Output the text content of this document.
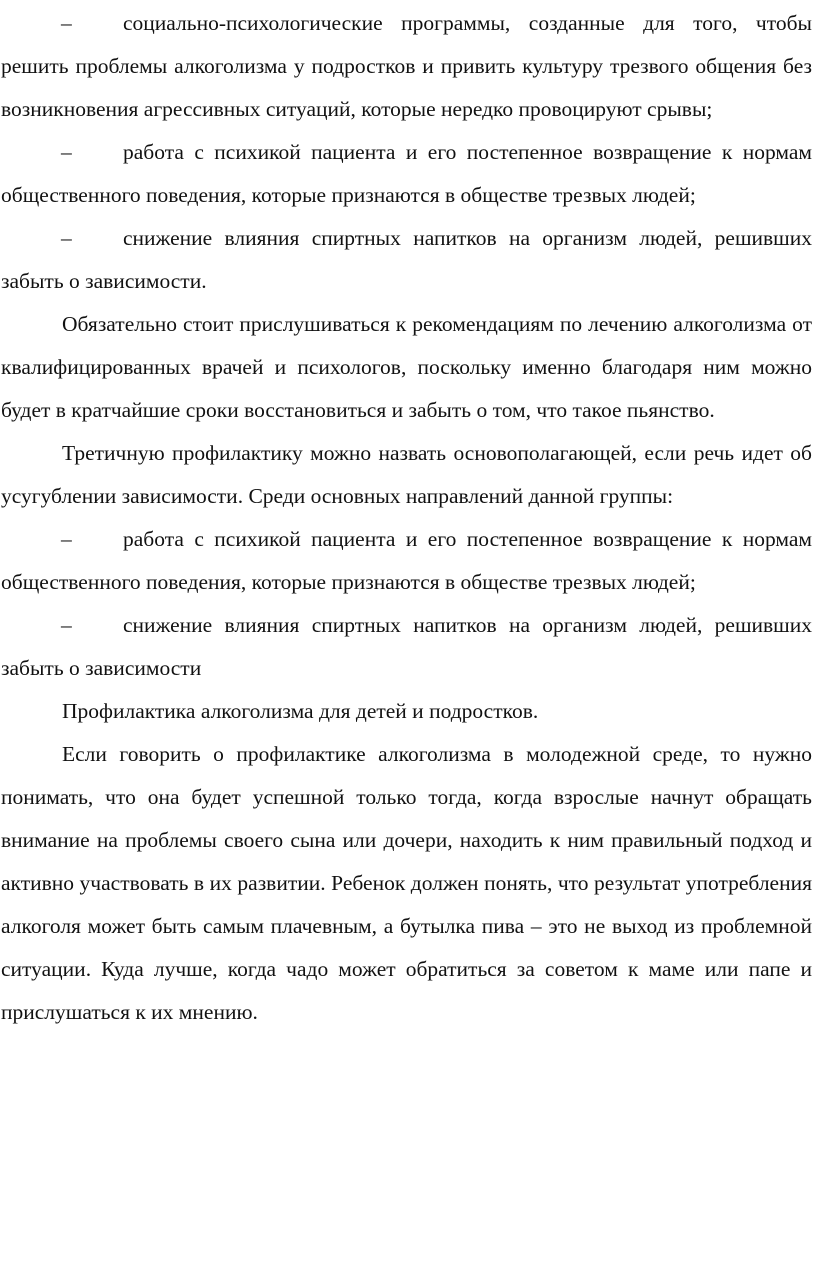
– социально-психологические программы, созданные для того, чтобы решить проблемы алкоголизма у подростков и привить культуру трезвого общения без возникновения агрессивных ситуаций, которые нередко провоцируют срывы;

– работа с психикой пациента и его постепенное возвращение к нормам общественного поведения, которые признаются в обществе трезвых людей;

– снижение влияния спиртных напитков на организм людей, решивших забыть о зависимости.

Обязательно стоит прислушиваться к рекомендациям по лечению алкоголизма от квалифицированных врачей и психологов, поскольку именно благодаря ним можно будет в кратчайшие сроки восстановиться и забыть о том, что такое пьянство.

Третичную профилактику можно назвать основополагающей, если речь идет об усугублении зависимости. Среди основных направлений данной группы:

– работа с психикой пациента и его постепенное возвращение к нормам общественного поведения, которые признаются в обществе трезвых людей;

– снижение влияния спиртных напитков на организм людей, решивших забыть о зависимости

Профилактика алкоголизма для детей и подростков.

Если говорить о профилактике алкоголизма в молодежной среде, то нужно понимать, что она будет успешной только тогда, когда взрослые начнут обращать внимание на проблемы своего сына или дочери, находить к ним правильный подход и активно участвовать в их развитии. Ребенок должен понять, что результат употребления алкоголя может быть самым плачевным, а бутылка пива – это не выход из проблемной ситуации. Куда лучше, когда чадо может обратиться за советом к маме или папе и прислушаться к их мнению.
